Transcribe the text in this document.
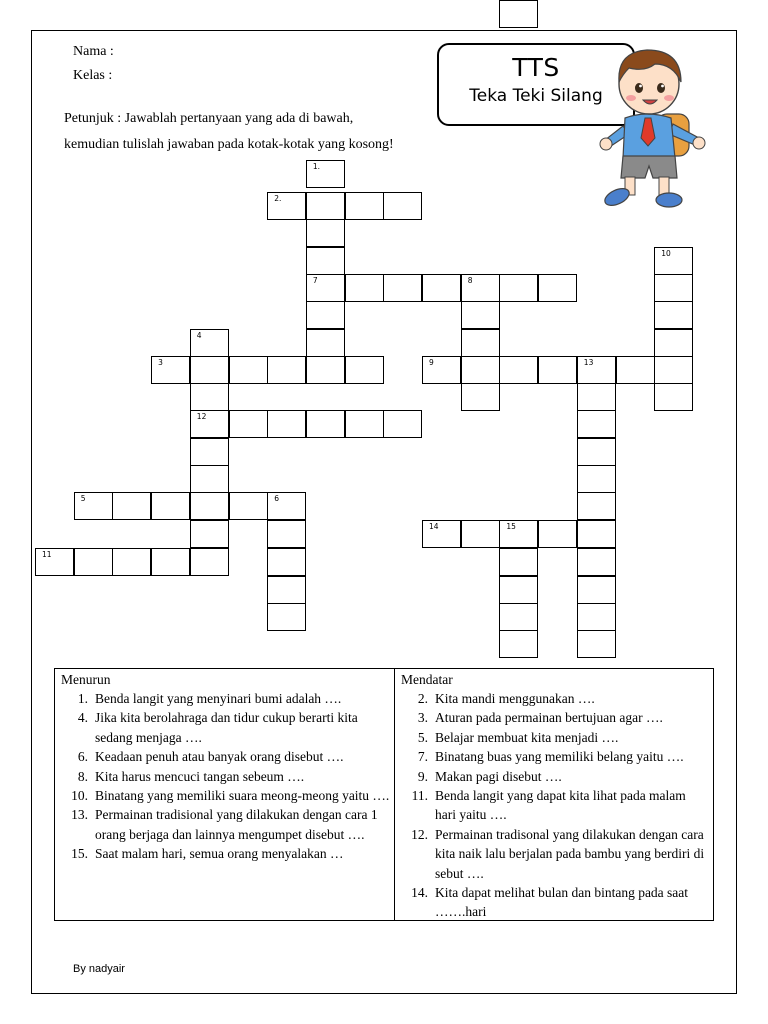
Nama :
Kelas :
Petunjuk : Jawablah pertanyaan yang ada di bawah,
kemudian tulislah jawaban pada kotak-kotak yang kosong!
TTS
Teka Teki Silang
2.
1.
7	8
10
3
4
12
5	6
11
9	13
14	15
Menurun
1. Benda langit yang menyinari bumi adalah ….
4. Jika kita berolahraga dan tidur cukup berarti kita sedang menjaga ….
6. Keadaan penuh atau banyak orang disebut ….
8. Kita harus mencuci tangan sebeum ….
10. Binatang yang memiliki suara meong-meong yaitu ….
13. Permainan tradisional yang dilakukan dengan cara 1 orang berjaga dan lainnya mengumpet disebut ….
15. Saat malam hari, semua orang menyalakan …
Mendatar
2. Kita mandi menggunakan ….
3. Aturan pada permainan bertujuan agar ….
5. Belajar membuat kita menjadi ….
7. Binatang buas yang memiliki belang yaitu ….
9. Makan pagi disebut ….
11. Benda langit yang dapat kita lihat pada malam hari yaitu ….
12. Permainan tradisonal yang dilakukan dengan cara kita naik lalu berjalan pada bambu yang berdiri di sebut ….
14. Kita dapat melihat bulan dan bintang pada saat …….hari
By nadyair
